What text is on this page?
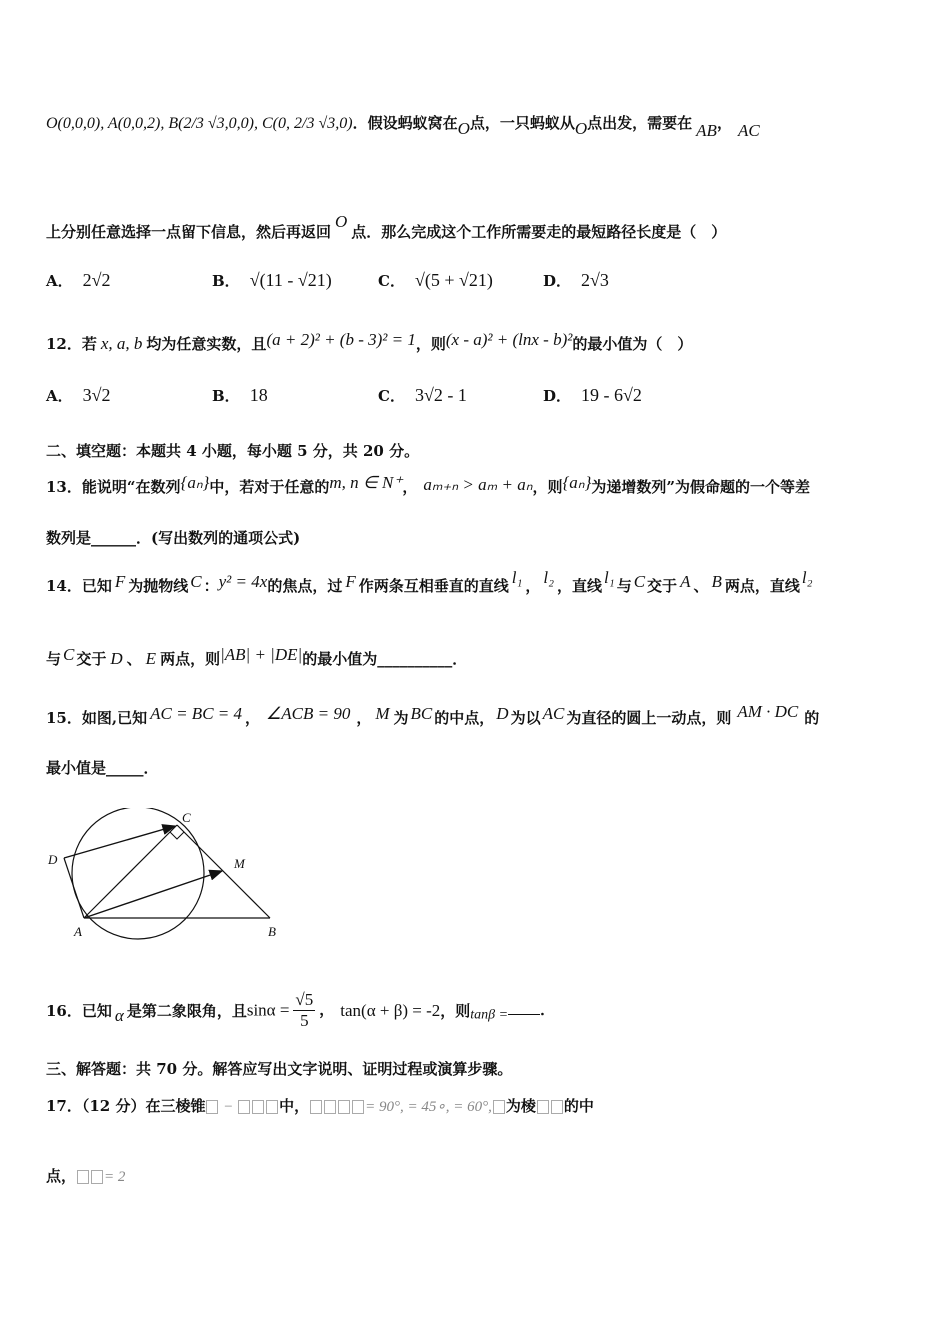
O(0,0,0), A(0,0,2), B(2/3 √3,0,0), C(0, 2/3 √3,0)．假设蚂蚁窝在O点，一只蚂蚁从O点出发，需要在 AB， AC
上分别任意选择一点留下信息，然后再返回O点．那么完成这个工作所需要走的最短路径长度是（　）
A． 2√2	B． √(11 - √21)	C． √(5 + √21)	D． 2√3
12．若 x, a, b 均为任意实数，且(a + 2)² + (b - 3)² = 1，则(x - a)² + (lnx - b)²的最小值为（　）
A． 3√2	B． 18	C． 3√2 - 1	D． 19 - 6√2
二、填空题：本题共 4 小题，每小题 5 分，共 20 分。
13．能说明“在数列{aₙ}中，若对于任意的m, n ∈ N⁺， aₘ₊ₙ > aₘ + aₙ，则{aₙ}为递增数列”为假命题的一个等差
数列是______．(写出数列的通项公式)
14．已知 F 为抛物线 C ：y² = 4x的焦点，过 F 作两条互相垂直的直线 l₁ ， l₂ ，直线 l₁ 与 C 交于 A 、 B 两点，直线 l₂
与 C 交于 D 、 E 两点，则|AB| + |DE|的最小值为__________．
15．如图,已知 AC = BC = 4 ， ∠ACB = 90 ， M 为 BC 的中点， D 为以 AC 为直径的圆上一动点，则 AM · DC 的
最小值是_____．
C
D	M
A	B
16．已知 α 是第二象限角，且$\sin\alpha = \frac{√5}{5}$ ， tan(α + β) = -2，则tanβ = ．
三、解答题：共 70 分。解答应写出文字说明、证明过程或演算步骤。
17．（12 分）在三棱锥 −	中，	= 90°, = 45∘, = 60°, 为棱 的中
点， = 2
